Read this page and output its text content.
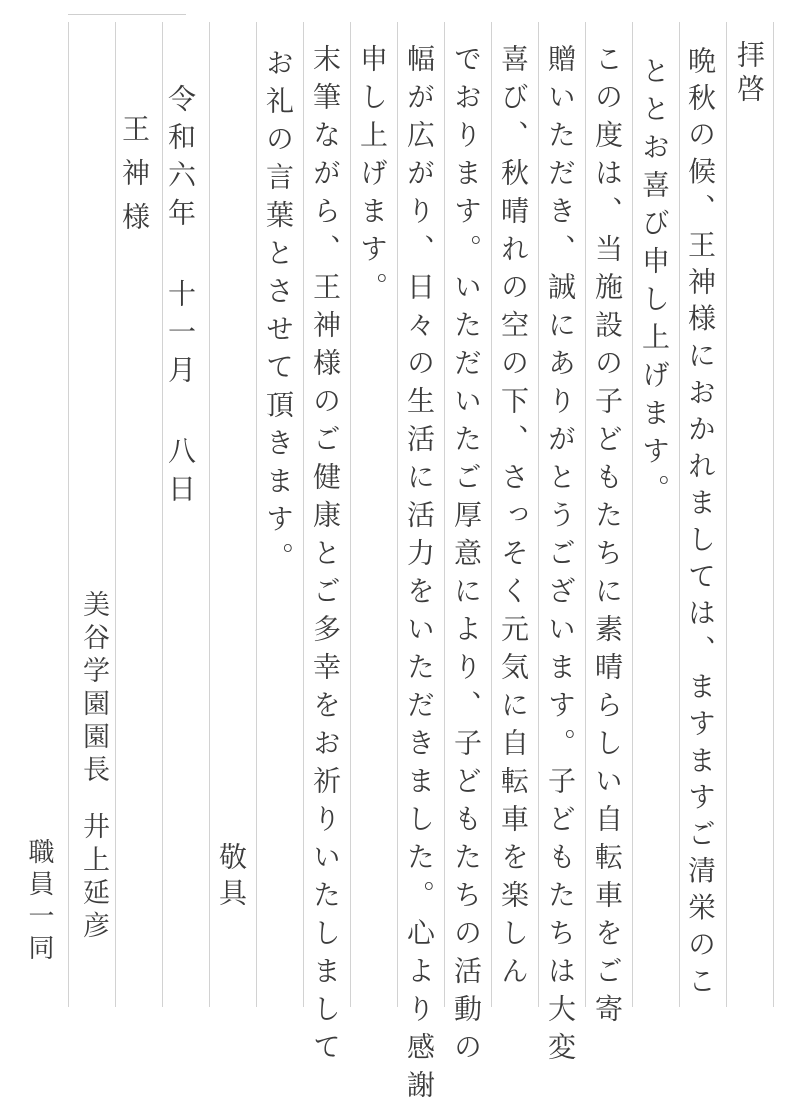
拝啓
晩秋の候、王神様におかれましては、ますますご清栄のこ
ととお喜び申し上げます。
この度は、当施設の子どもたちに素晴らしい自転車をご寄
贈いただき、誠にありがとうございます。子どもたちは大変
喜び、秋晴れの空の下、さっそく元気に自転車を楽しん
でおります。いただいたご厚意により、子どもたちの活動の
幅が広がり、日々の生活に活力をいただきました。心より感謝
申し上げます。
末筆ながら、王神様のご健康とご多幸をお祈りいたしまして
お礼の言葉とさせて頂きます。
敬具
令和六年 十一月 八日
王神様
美谷学園園長
井上延彦
職員一同
